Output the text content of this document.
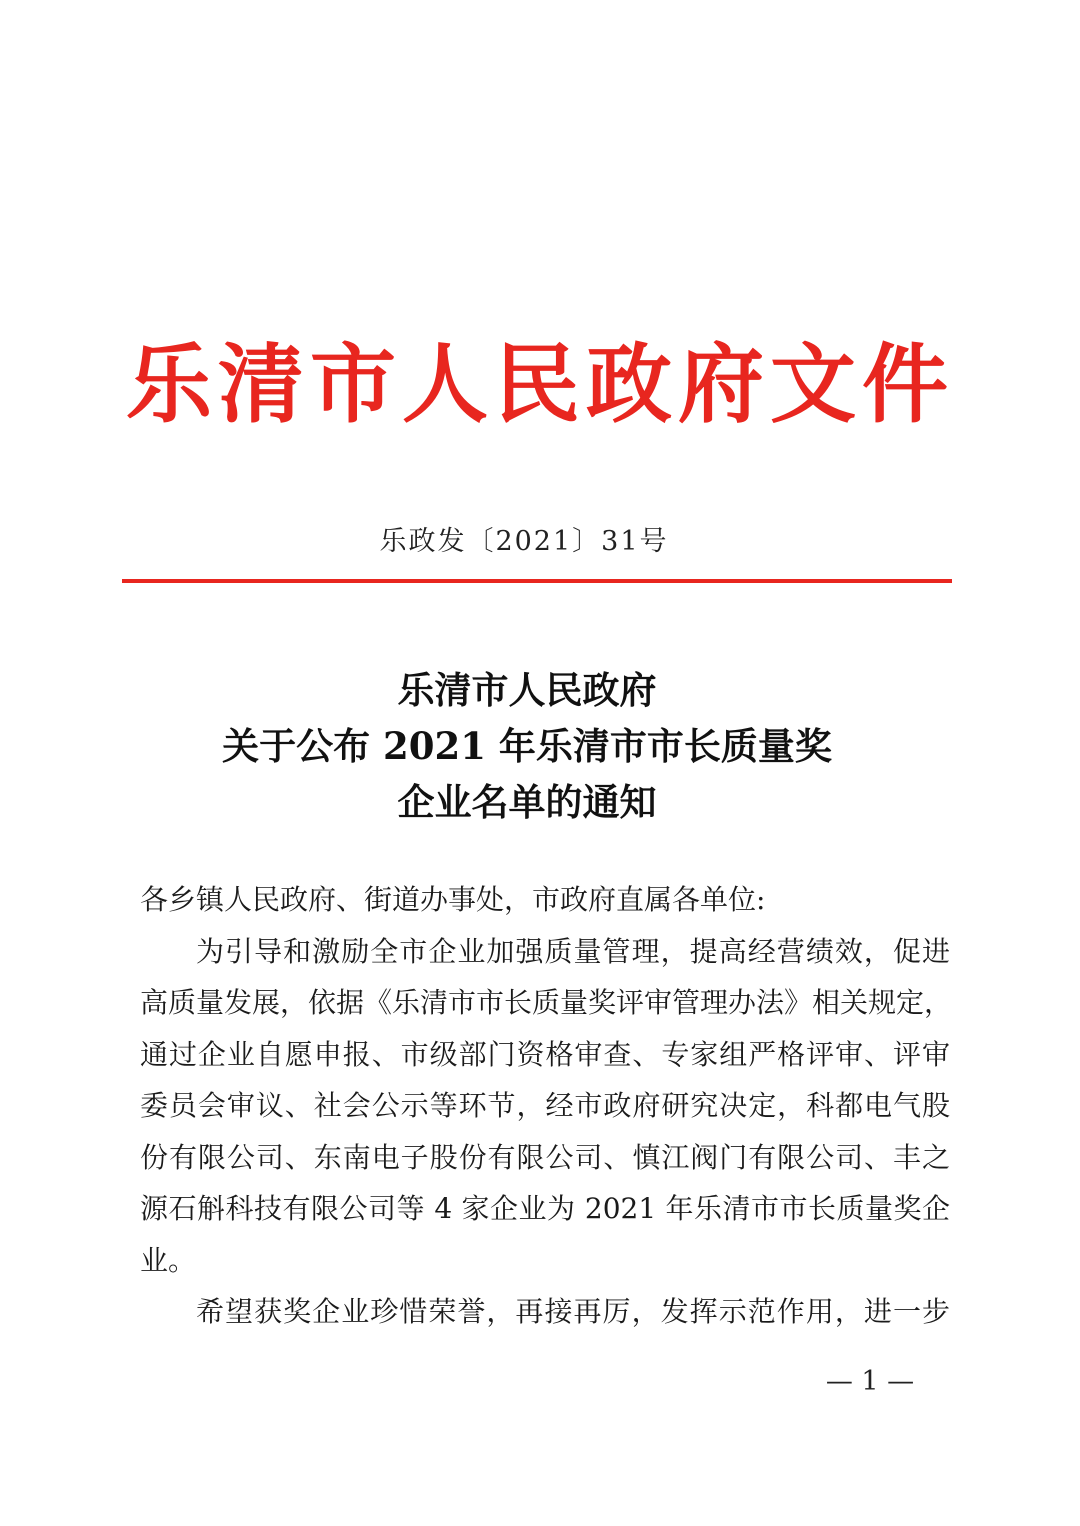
乐清市人民政府文件
乐政发〔2021〕31号
乐清市人民政府
关于公布 2021 年乐清市市长质量奖
企业名单的通知
各乡镇人民政府、街道办事处，市政府直属各单位:
为引导和激励全市企业加强质量管理，提高经营绩效，促进
高质量发展，依据《乐清市市长质量奖评审管理办法》相关规定，
通过企业自愿申报、市级部门资格审查、专家组严格评审、评审
委员会审议、社会公示等环节，经市政府研究决定，科都电气股
份有限公司、东南电子股份有限公司、慎江阀门有限公司、丰之
源石斛科技有限公司等 4 家企业为 2021 年乐清市市长质量奖企
业。
希望获奖企业珍惜荣誉，再接再厉，发挥示范作用，进一步
— 1 —
